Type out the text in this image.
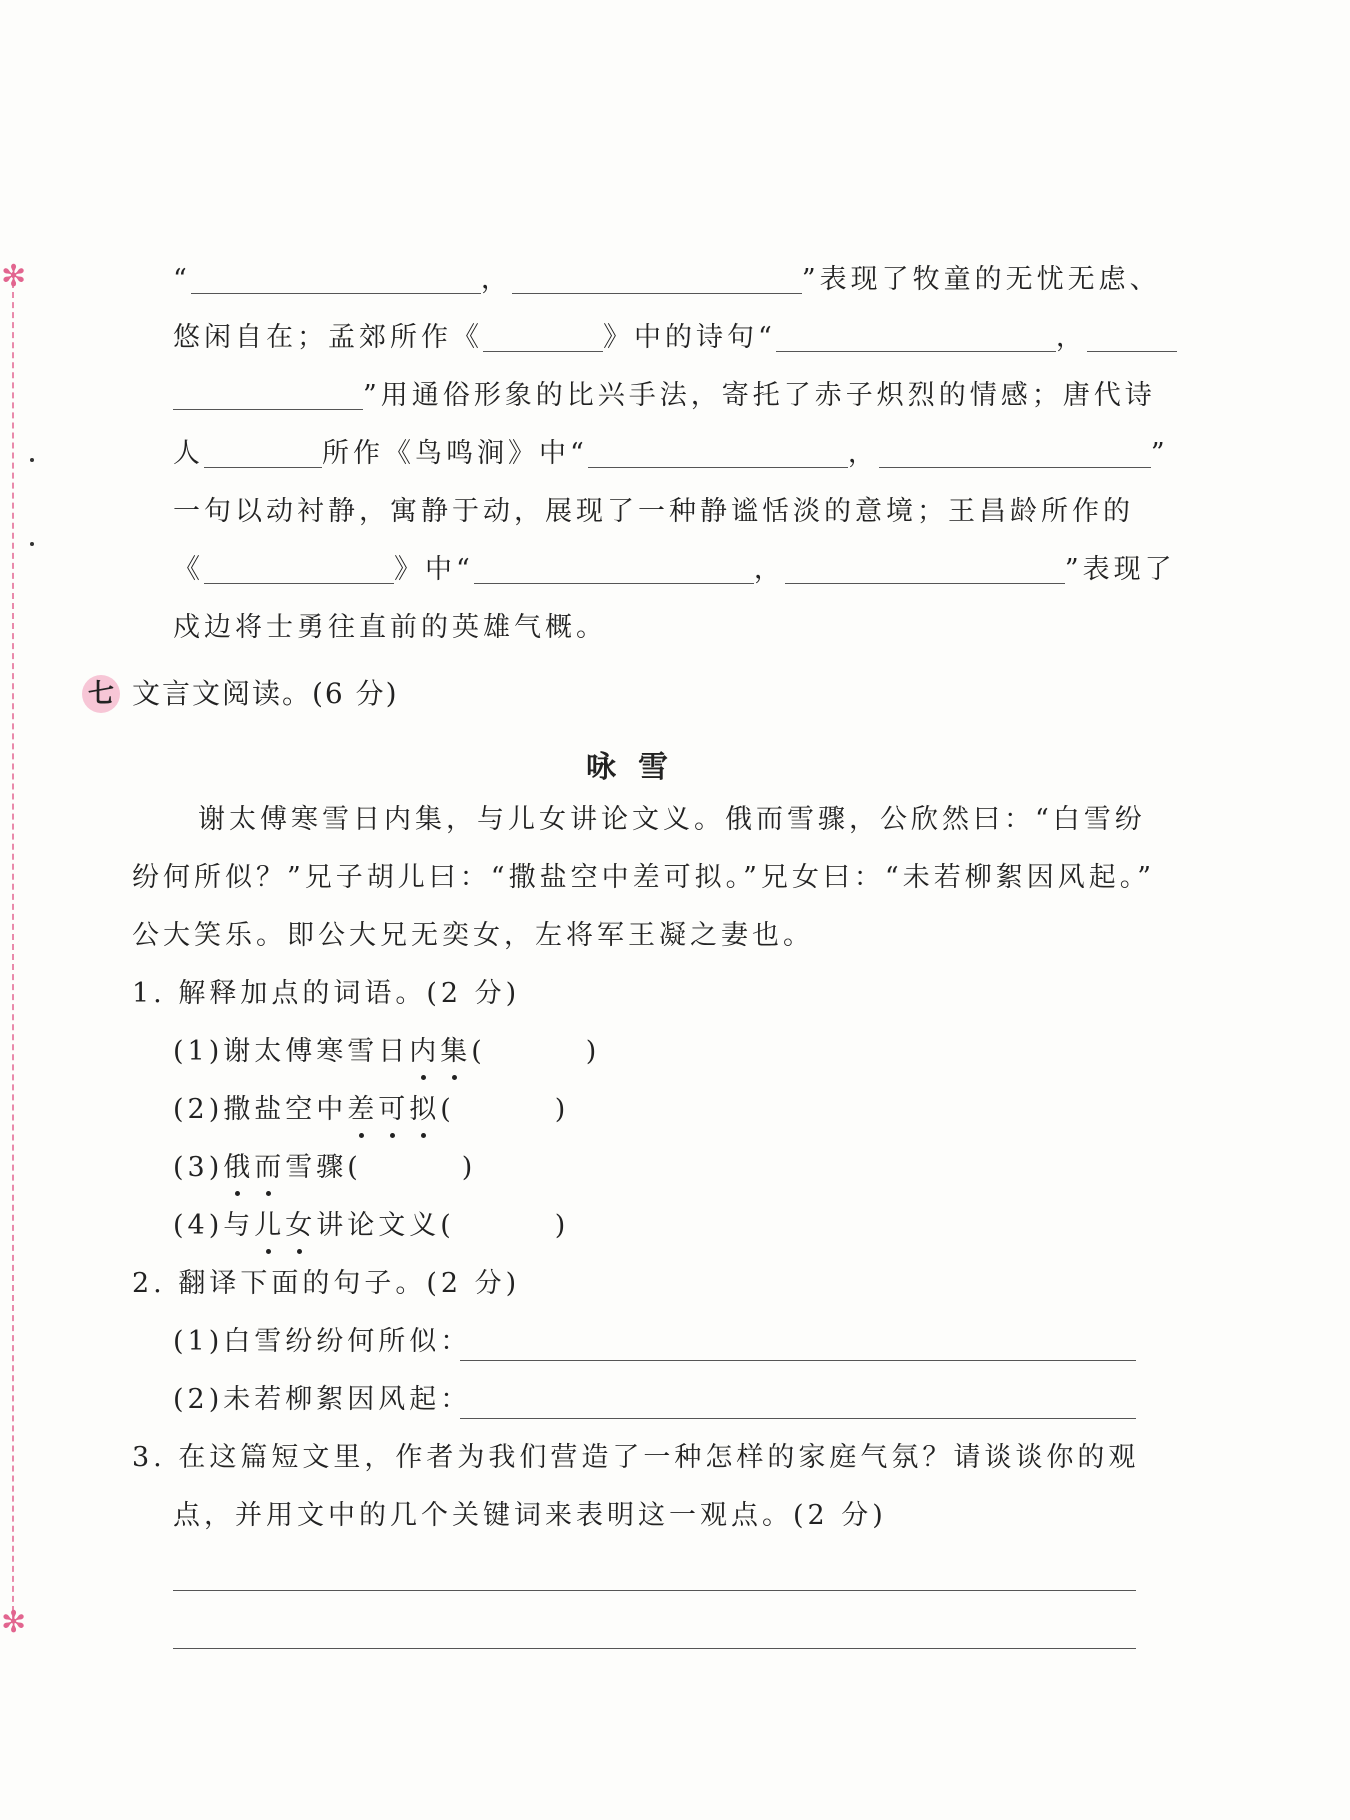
✻
✻
“	，	”表现了牧童的无忧无虑、
悠闲自在；孟郊所作《	》中的诗句“	，
”用通俗形象的比兴手法，寄托了赤子炽烈的情感；唐代诗
人	所作《鸟鸣涧》中“	，	”
一句以动衬静，寓静于动，展现了一种静谧恬淡的意境；王昌龄所作的
《	》中“	，	”表现了
戍边将士勇往直前的英雄气概。
七 文言文阅读。(6 分)
咏雪
谢太傅寒雪日内集，与儿女讲论文义。俄而雪骤，公欣然曰：“白雪纷
纷何所似？”兄子胡儿曰：“撒盐空中差可拟。”兄女曰：“未若柳絮因风起。”
公大笑乐。即公大兄无奕女，左将军王凝之妻也。
1. 解释加点的词语。(2 分)
(1)谢太傅寒雪日内集(	)
(2)撒盐空中差可拟(	)
(3)俄而雪骤(	)
(4)与儿女讲论文义(	)
2. 翻译下面的句子。(2 分)
(1)白雪纷纷何所似：
(2)未若柳絮因风起：
3. 在这篇短文里，作者为我们营造了一种怎样的家庭气氛？请谈谈你的观
点，并用文中的几个关键词来表明这一观点。(2 分)
